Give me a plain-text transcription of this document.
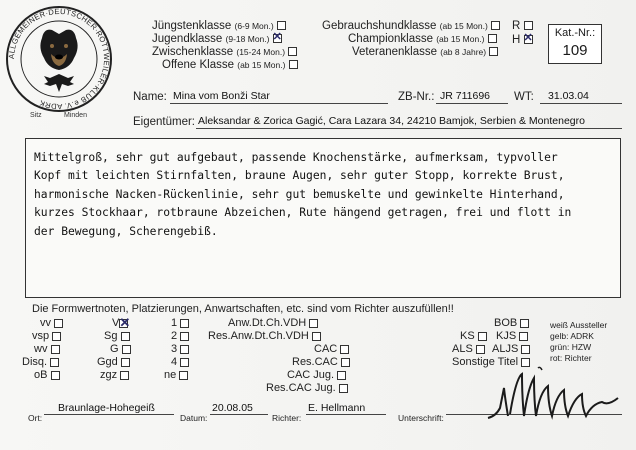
ALLGEMEINER·DEUTSCHER·ROTTWEILER·KLUB e.V. ADRK
Sitz	Minden
Jüngstenklasse (6-9 Mon.)
Jugendklasse (9-18 Mon.) ✕
Zwischenklasse (15-24 Mon.)
Offene Klasse (ab 15 Mon.)
Gebrauchshundklasse (ab 15 Mon.)
Championklasse (ab 15 Mon.)
Veteranenklasse (ab 8 Jahre)
R
H ✕	Kat.-Nr.:
109
Name: Mina vom Bonži Star	ZB-Nr.: JR 711696 WT: 31.03.04
Eigentümer: Aleksandar & Zorica Gagić, Cara Lazara 34, 24210 Bamjok, Serbien & Montenegro
Mittelgroß, sehr gut aufgebaut, passende Knochenstärke, aufmerksam, typvoller
Kopf mit leichten Stirnfalten, braune Augen, sehr guter Stopp, korrekte Brust,
harmonische Nacken-Rückenlinie, sehr gut bemuskelte und gewinkelte Hinterhand,
kurzes Stockhaar, rotbraune Abzeichen, Rute hängend getragen, frei und flott in
der Bewegung, Scherengebiß.
Die Formwertnoten, Platzierungen, Anwartschaften, etc. sind vom Richter auszufüllen!!
vv
vsp
wv
Disq.
oB
V ✕
Sg
G
Ggd
zgz
1
2
3
4
ne
Anw.Dt.Ch.VDH
Res.Anw.Dt.Ch.VDH
CAC
Res.CAC
CAC Jug.
Res.CAC Jug.
KS
ALS
BOB
KJS
ALJS
Sonstige Titel
weiß Aussteller
gelb: ADRK
grün: HZW
rot: Richter
Braunlage-Hohegeiß
Ort:
20.08.05
Datum:
E. Hellmann
Richter:	Unterschrift:
